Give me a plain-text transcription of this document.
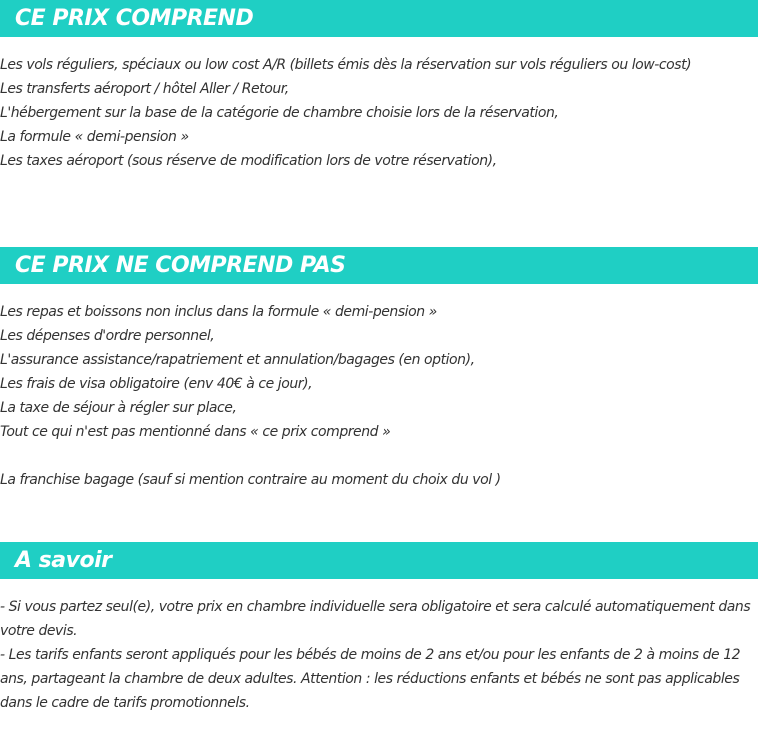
CE PRIX COMPREND
Les vols réguliers, spéciaux ou low cost A/R (billets émis dès la réservation sur vols réguliers ou low-cost)
Les transferts aéroport / hôtel Aller / Retour,
L'hébergement sur la base de la catégorie de chambre choisie lors de la réservation,
La formule « demi-pension »
Les taxes aéroport (sous réserve de modification lors de votre réservation),
CE PRIX NE COMPREND PAS
Les repas et boissons non inclus dans la formule « demi-pension »
Les dépenses d'ordre personnel,
L'assurance assistance/rapatriement et annulation/bagages (en option),
Les frais de visa obligatoire (env 40€ à ce jour),
La taxe de séjour à régler sur place,
Tout ce qui n'est pas mentionné dans « ce prix comprend »
La franchise bagage (sauf si mention contraire au moment du choix du vol )
A savoir
- Si vous partez seul(e), votre prix en chambre individuelle sera obligatoire et sera calculé automatiquement dans votre devis.
- Les tarifs enfants seront appliqués pour les bébés de moins de 2 ans et/ou pour les enfants de 2 à moins de 12 ans, partageant la chambre de deux adultes. Attention : les réductions enfants et bébés ne sont pas applicables dans le cadre de tarifs promotionnels.
